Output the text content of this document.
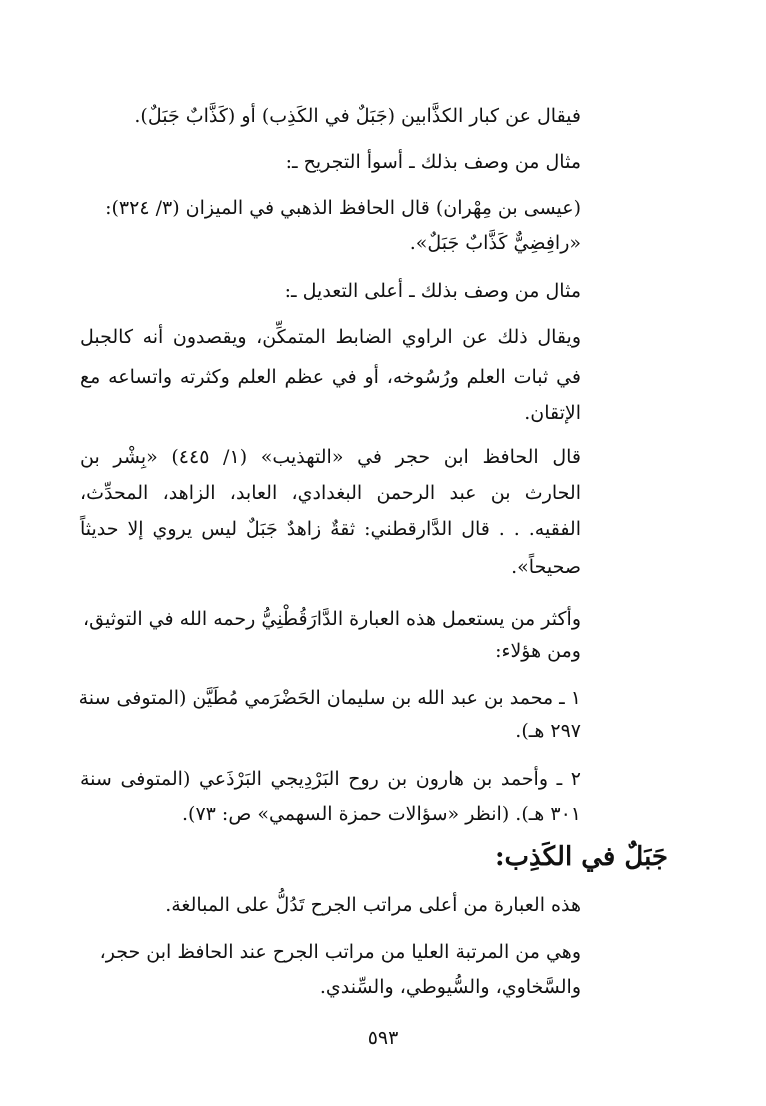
فيقال عن كبار الكذَّابين (جَبَلٌ في الكَذِب) أو (كَذَّابٌ جَبَلٌ).
مثال من وصف بذلك ـ أسوأ التجريح ـ:
(عيسى بن مِهْران) قال الحافظ الذهبي في الميزان (٣/ ٣٢٤):
«رافِضِيٌّ كَذَّابٌ جَبَلٌ».
مثال من وصف بذلك ـ أعلى التعديل ـ:
ويقال ذلك عن الراوي الضابط المتمكِّن، ويقصدون أنه كالجبل
في ثبات العلم ورُسُوخه، أو في عظم العلم وكثرته واتساعه مع
الإتقان.
قال الحافظ ابن حجر في «التهذيب» (١/ ٤٤٥) «بِشْر بن
الحارث بن عبد الرحمن البغدادي، العابد، الزاهد، المحدِّث،
الفقيه. . . قال الدَّارقطني: ثقةٌ زاهدٌ جَبَلٌ ليس يروي إلا حديثاً
صحيحاً».
وأكثر من يستعمل هذه العبارة الدَّارَقُطْنِيُّ رحمه الله في التوثيق،
ومن هؤلاء:
١ ـ محمد بن عبد الله بن سليمان الحَضْرَمي مُطَيَّن (المتوفى سنة
٢٩٧ هـ).
٢ ـ وأحمد بن هارون بن روح البَرْدِيجي البَرْذَعي (المتوفى سنة
٣٠١ هـ). (انظر «سؤالات حمزة السهمي» ص: ٧٣).
جَبَلٌ في الكَذِب:
هذه العبارة من أعلى مراتب الجرح تَدُلُّ على المبالغة.
وهي من المرتبة العليا من مراتب الجرح عند الحافظ ابن حجر،
والسَّخاوي، والسُّيوطي، والسِّندي.
٥٩٣
